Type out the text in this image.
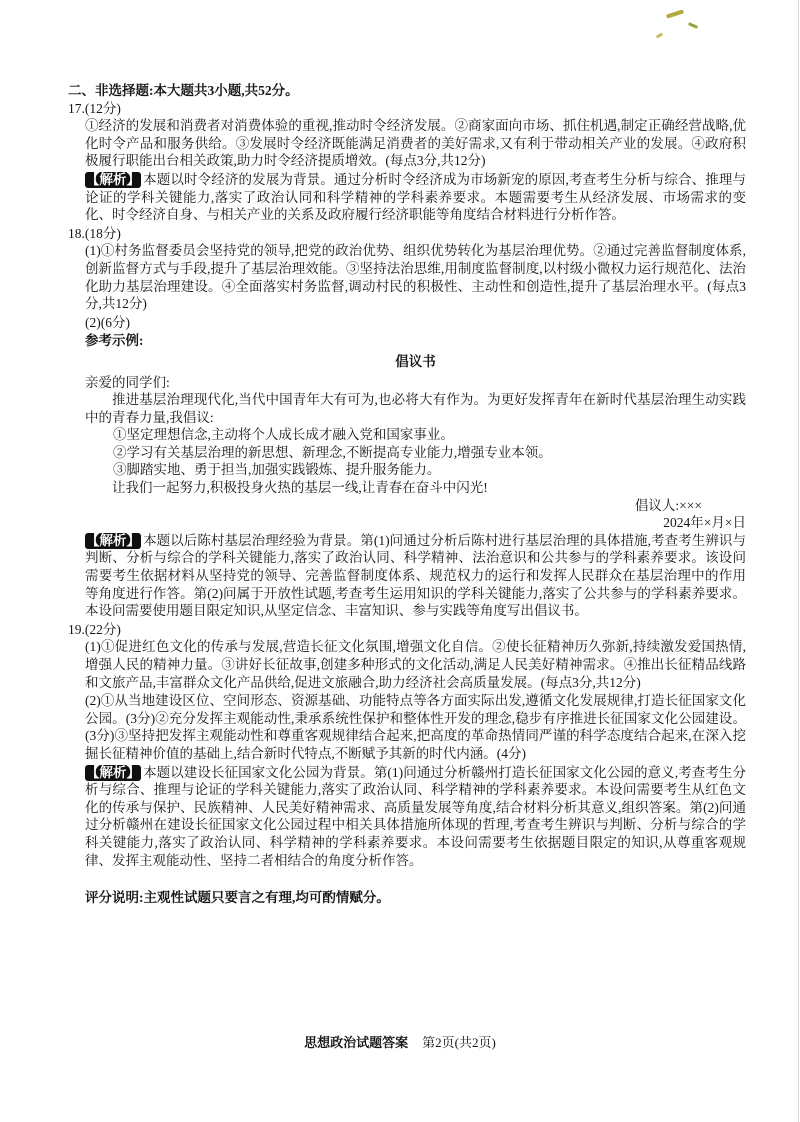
二、非选择题:本大题共3小题,共52分。

17.(12分)

①经济的发展和消费者对消费体验的重视,推动时令经济发展。②商家面向市场、抓住机遇,制定正确经营战略,优化时令产品和服务供给。③发展时令经济既能满足消费者的美好需求,又有利于带动相关产业的发展。④政府积极履行职能出台相关政策,助力时令经济提质增效。(每点3分,共12分)

【解析】 本题以时令经济的发展为背景。通过分析时令经济成为市场新宠的原因,考查考生分析与综合、推理与论证的学科关键能力,落实了政治认同和科学精神的学科素养要求。本题需要考生从经济发展、市场需求的变化、时令经济自身、与相关产业的关系及政府履行经济职能等角度结合材料进行分析作答。

18.(18分)

(1)①村务监督委员会坚持党的领导,把党的政治优势、组织优势转化为基层治理优势。②通过完善监督制度体系,创新监督方式与手段,提升了基层治理效能。③坚持法治思维,用制度监督制度,以村级小微权力运行规范化、法治化助力基层治理建设。④全面落实村务监督,调动村民的积极性、主动性和创造性,提升了基层治理水平。(每点3分,共12分)

(2)(6分)

参考示例:

倡议书

亲爱的同学们:

推进基层治理现代化,当代中国青年大有可为,也必将大有作为。为更好发挥青年在新时代基层治理生动实践中的青春力量,我倡议:

①坚定理想信念,主动将个人成长成才融入党和国家事业。

②学习有关基层治理的新思想、新理念,不断提高专业能力,增强专业本领。

③脚踏实地、勇于担当,加强实践锻炼、提升服务能力。

让我们一起努力,积极投身火热的基层一线,让青春在奋斗中闪光!

倡议人:×××

2024年×月×日

【解析】 本题以后陈村基层治理经验为背景。第(1)问通过分析后陈村进行基层治理的具体措施,考查考生辨识与判断、分析与综合的学科关键能力,落实了政治认同、科学精神、法治意识和公共参与的学科素养要求。该设问需要考生依据材料从坚持党的领导、完善监督制度体系、规范权力的运行和发挥人民群众在基层治理中的作用等角度进行作答。第(2)问属于开放性试题,考查考生运用知识的学科关键能力,落实了公共参与的学科素养要求。本设问需要使用题目限定知识,从坚定信念、丰富知识、参与实践等角度写出倡议书。

19.(22分)

(1)①促进红色文化的传承与发展,营造长征文化氛围,增强文化自信。②使长征精神历久弥新,持续激发爱国热情,增强人民的精神力量。③讲好长征故事,创建多种形式的文化活动,满足人民美好精神需求。④推出长征精品线路和文旅产品,丰富群众文化产品供给,促进文旅融合,助力经济社会高质量发展。(每点3分,共12分)

(2)①从当地建设区位、空间形态、资源基础、功能特点等各方面实际出发,遵循文化发展规律,打造长征国家文化公园。(3分)②充分发挥主观能动性,秉承系统性保护和整体性开发的理念,稳步有序推进长征国家文化公园建设。(3分)③坚持把发挥主观能动性和尊重客观规律结合起来,把高度的革命热情同严谨的科学态度结合起来,在深入挖掘长征精神价值的基础上,结合新时代特点,不断赋予其新的时代内涵。(4分)

【解析】 本题以建设长征国家文化公园为背景。第(1)问通过分析赣州打造长征国家文化公园的意义,考查考生分析与综合、推理与论证的学科关键能力,落实了政治认同、科学精神的学科素养要求。本设问需要考生从红色文化的传承与保护、民族精神、人民美好精神需求、高质量发展等角度,结合材料分析其意义,组织答案。第(2)问通过分析赣州在建设长征国家文化公园过程中相关具体措施所体现的哲理,考查考生辨识与判断、分析与综合的学科关键能力,落实了政治认同、科学精神的学科素养要求。本设问需要考生依据题目限定的知识,从尊重客观规律、发挥主观能动性、坚持二者相结合的角度分析作答。

评分说明:主观性试题只要言之有理,均可酌情赋分。

思想政治试题答案 第2页(共2页)
